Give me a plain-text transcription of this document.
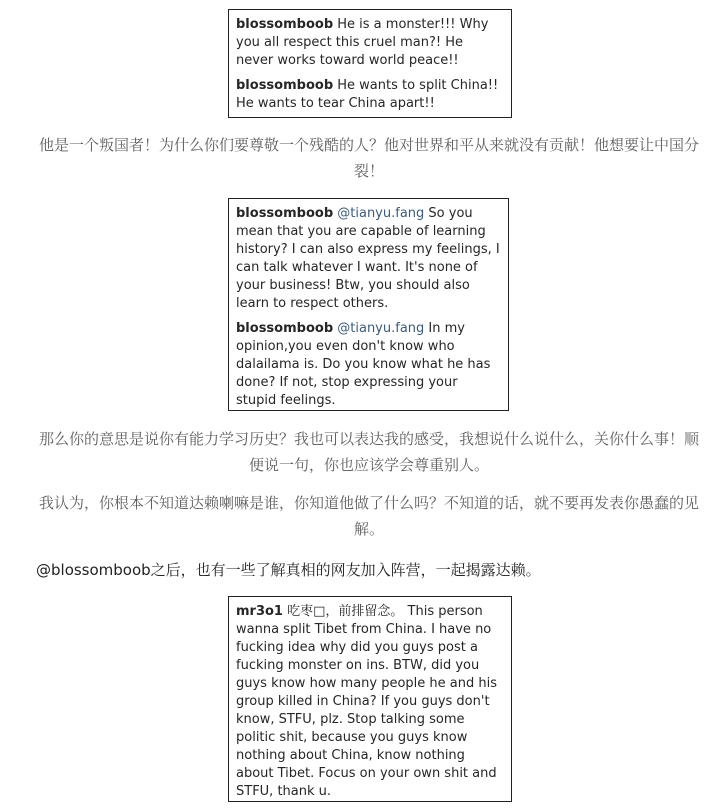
blossomboob He is a monster!!! Why you all respect this cruel man?! He never works toward world peace!!

blossomboob He wants to split China!! He wants to tear China apart!!

他是一个叛国者！为什么你们要尊敬一个残酷的人？他对世界和平从来就没有贡献！他想要让中国分裂！

blossomboob @tianyu.fang So you mean that you are capable of learning history? I can also express my feelings, I can talk whatever I want. It's none of your business! Btw, you should also learn to respect others.

blossomboob @tianyu.fang In my opinion,you even don't know who dalailama is. Do you know what he has done? If not, stop expressing your stupid feelings.

那么你的意思是说你有能力学习历史？我也可以表达我的感受，我想说什么说什么，关你什么事！顺便说一句，你也应该学会尊重别人。
我认为，你根本不知道达赖喇嘛是谁，你知道他做了什么吗？不知道的话，就不要再发表你愚蠢的见解。
@blossomboob之后，也有一些了解真相的网友加入阵营，一起揭露达赖。

mr3o1 吃枣□，前排留念。 This person wanna split Tibet from China. I have no fucking idea why did you guys post a fucking monster on ins. BTW, did you guys know how many people he and his group killed in China? If you guys don't know, STFU, plz. Stop talking some politic shit, because you guys know nothing about China, know nothing about Tibet. Focus on your own shit and STFU, thank u.
